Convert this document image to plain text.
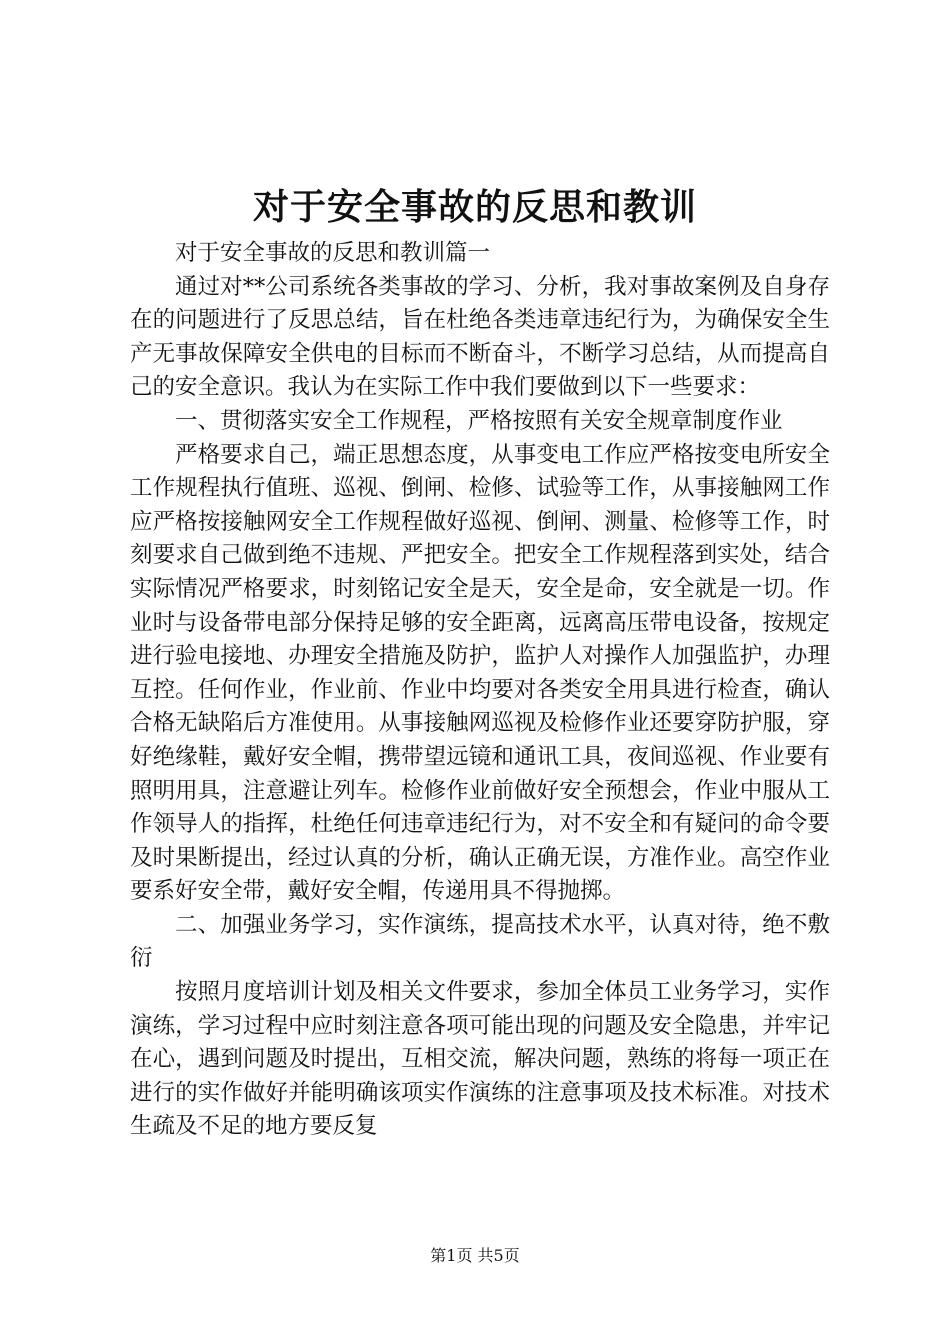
对于安全事故的反思和教训

对于安全事故的反思和教训篇一

通过对**公司系统各类事故的学习、分析，我对事故案例及自身存在的问题进行了反思总结，旨在杜绝各类违章违纪行为，为确保安全生产无事故保障安全供电的目标而不断奋斗，不断学习总结，从而提高自己的安全意识。我认为在实际工作中我们要做到以下一些要求：

一、贯彻落实安全工作规程，严格按照有关安全规章制度作业

严格要求自己，端正思想态度，从事变电工作应严格按变电所安全工作规程执行值班、巡视、倒闸、检修、试验等工作，从事接触网工作应严格按接触网安全工作规程做好巡视、倒闸、测量、检修等工作，时刻要求自己做到绝不违规、严把安全。把安全工作规程落到实处，结合实际情况严格要求，时刻铭记安全是天，安全是命，安全就是一切。作业时与设备带电部分保持足够的安全距离，远离高压带电设备，按规定进行验电接地、办理安全措施及防护，监护人对操作人加强监护，办理互控。任何作业，作业前、作业中均要对各类安全用具进行检查，确认合格无缺陷后方准使用。从事接触网巡视及检修作业还要穿防护服，穿好绝缘鞋，戴好安全帽，携带望远镜和通讯工具，夜间巡视、作业要有照明用具，注意避让列车。检修作业前做好安全预想会，作业中服从工作领导人的指挥，杜绝任何违章违纪行为，对不安全和有疑问的命令要及时果断提出，经过认真的分析，确认正确无误，方准作业。高空作业要系好安全带，戴好安全帽，传递用具不得抛掷。

二、加强业务学习，实作演练，提高技术水平，认真对待，绝不敷衍

按照月度培训计划及相关文件要求，参加全体员工业务学习，实作演练，学习过程中应时刻注意各项可能出现的问题及安全隐患，并牢记在心，遇到问题及时提出，互相交流，解决问题，熟练的将每一项正在进行的实作做好并能明确该项实作演练的注意事项及技术标准。对技术生疏及不足的地方要反复

第1页 共5页
